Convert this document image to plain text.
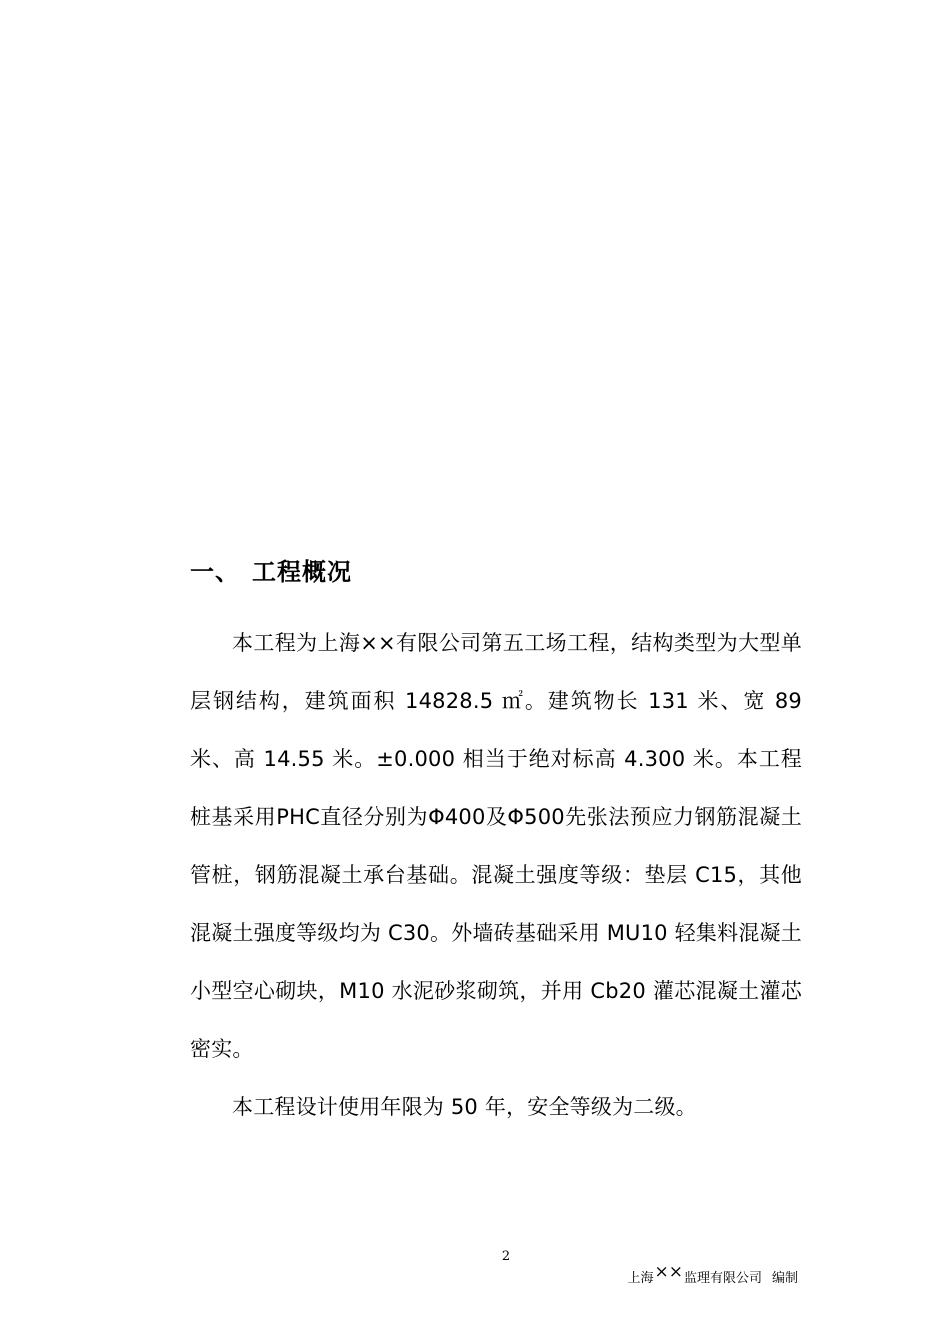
一、 工程概况

本工程为上海××有限公司第五工场工程，结构类型为大型单层钢结构，建筑面积 14828.5 ㎡。建筑物长 131 米、宽 89 米、高 14.55 米。±0.000 相当于绝对标高 4.300 米。本工程桩基采用PHC直径分别为Φ400及Φ500先张法预应力钢筋混凝土管桩，钢筋混凝土承台基础。混凝土强度等级：垫层 C15，其他混凝土强度等级均为 C30。外墙砖基础采用 MU10 轻集料混凝土小型空心砌块，M10 水泥砂浆砌筑，并用 Cb20 灌芯混凝土灌芯密实。

本工程设计使用年限为 50 年，安全等级为二级。

2
上海××监理有限公司 编制
